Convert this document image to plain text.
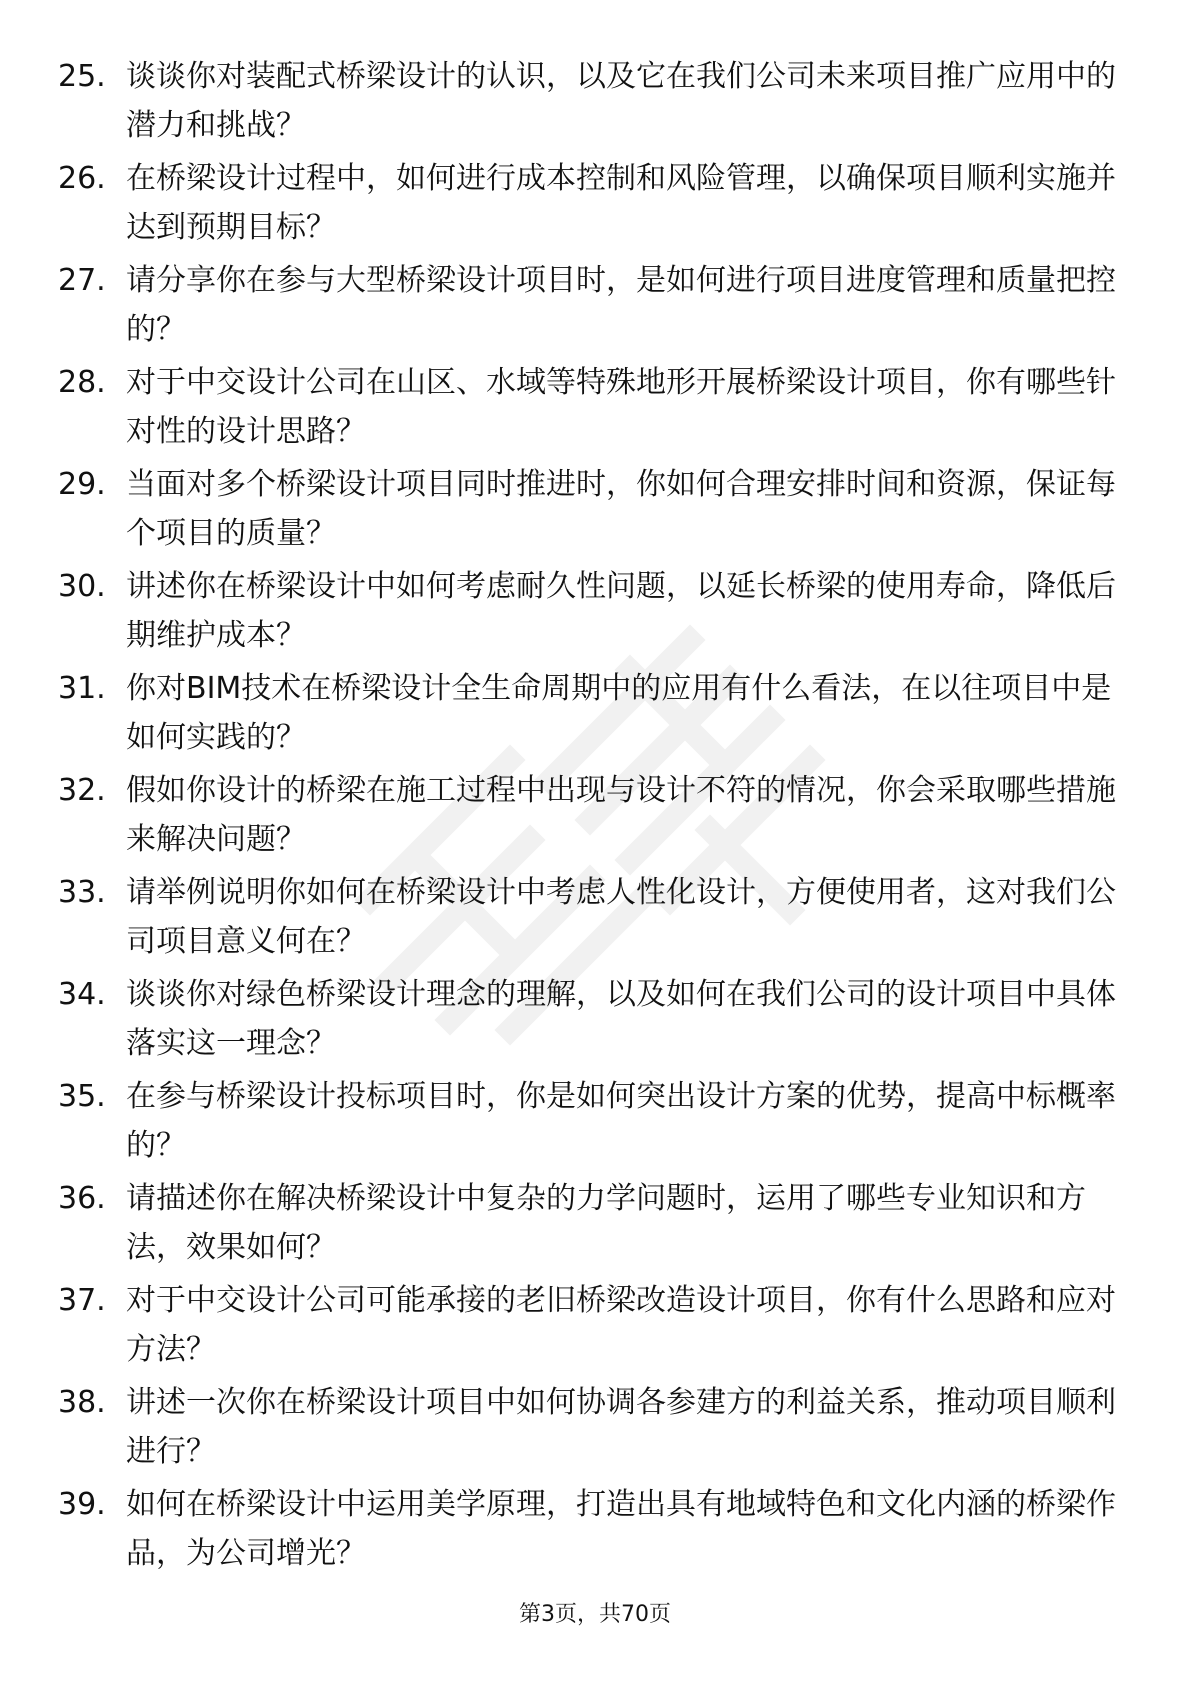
25. 谈谈你对装配式桥梁设计的认识，以及它在我们公司未来项目推广应用中的潜力和挑战？
26. 在桥梁设计过程中，如何进行成本控制和风险管理，以确保项目顺利实施并达到预期目标？
27. 请分享你在参与大型桥梁设计项目时，是如何进行项目进度管理和质量把控的？
28. 对于中交设计公司在山区、水域等特殊地形开展桥梁设计项目，你有哪些针对性的设计思路？
29. 当面对多个桥梁设计项目同时推进时，你如何合理安排时间和资源，保证每个项目的质量？
30. 讲述你在桥梁设计中如何考虑耐久性问题，以延长桥梁的使用寿命，降低后期维护成本？
31. 你对BIM技术在桥梁设计全生命周期中的应用有什么看法，在以往项目中是如何实践的？
32. 假如你设计的桥梁在施工过程中出现与设计不符的情况，你会采取哪些措施来解决问题？
33. 请举例说明你如何在桥梁设计中考虑人性化设计，方便使用者，这对我们公司项目意义何在？
34. 谈谈你对绿色桥梁设计理念的理解，以及如何在我们公司的设计项目中具体落实这一理念？
35. 在参与桥梁设计投标项目时，你是如何突出设计方案的优势，提高中标概率的？
36. 请描述你在解决桥梁设计中复杂的力学问题时，运用了哪些专业知识和方法，效果如何？
37. 对于中交设计公司可能承接的老旧桥梁改造设计项目，你有什么思路和应对方法？
38. 讲述一次你在桥梁设计项目中如何协调各参建方的利益关系，推动项目顺利进行？
39. 如何在桥梁设计中运用美学原理，打造出具有地域特色和文化内涵的桥梁作品，为公司增光？
第3页，共70页
